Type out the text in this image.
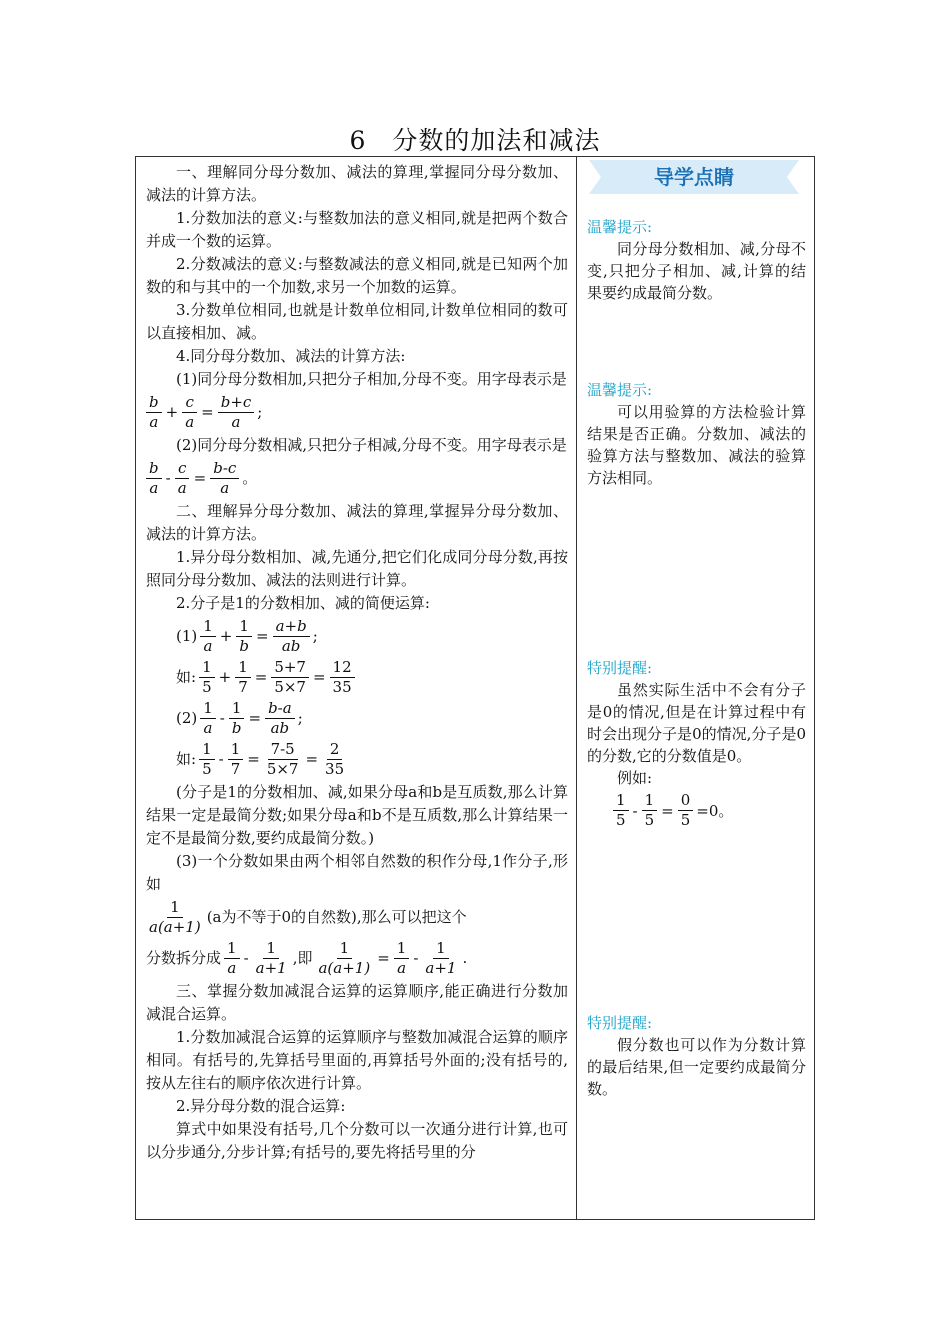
6　分数的加法和减法

一、理解同分母分数加、减法的算理,掌握同分母分数加、减法的计算方法。

1.分数加法的意义:与整数加法的意义相同,就是把两个数合并成一个数的运算。

2.分数减法的意义:与整数减法的意义相同,就是已知两个加数的和与其中的一个加数,求另一个加数的运算。

3.分数单位相同,也就是计数单位相同,计数单位相同的数可以直接相加、减。

4.同分母分数加、减法的计算方法:

(1)同分母分数相加,只把分子相加,分母不变。用字母表示是

$\frac{b}{a} + \frac{c}{a} = \frac{b+c}{a}$ ;

(2)同分母分数相减,只把分子相减,分母不变。用字母表示是

$\frac{b}{a} - \frac{c}{a} = \frac{b-c}{a}$ 。

二、理解异分母分数加、减法的算理,掌握异分母分数加、减法的计算方法。

1.异分母分数相加、减,先通分,把它们化成同分母分数,再按照同分母分数加、减法的法则进行计算。

2.分子是1的分数相加、减的简便运算:

$(1) \frac{1}{a} + \frac{1}{b} = \frac{a+b}{ab}$ ;
如: $\frac{1}{5} + \frac{1}{7} = \frac{5+7}{5\times 7} = \frac{12}{35}$
$(2) \frac{1}{a} - \frac{1}{b} = \frac{b-a}{ab}$ ;
如: $\frac{1}{5} - \frac{1}{7} = \frac{7-5}{5\times 7} = \frac{2}{35}$

(分子是1的分数相加、减,如果分母a和b是互质数,那么计算结果一定是最简分数;如果分母a和b不是互质数,那么计算结果一定不是最简分数,要约成最简分数。)

(3)一个分数如果由两个相邻自然数的积作分母,1作分子,形如

$\frac{1}{a(a+1)} (a$为不等于0的自然数),那么可以把这个
分数拆分成 $\frac{1}{a} - \frac{1}{a+1}$ ,即 $\frac{1}{a(a+1)} = \frac{1}{a} - \frac{1}{a+1}$ .

三、掌握分数加减混合运算的运算顺序,能正确进行分数加减混合运算。

1.分数加减混合运算的运算顺序与整数加减混合运算的顺序相同。有括号的,先算括号里面的,再算括号外面的;没有括号的,按从左往右的顺序依次进行计算。

2.异分母分数的混合运算:

算式中如果没有括号,几个分数可以一次通分进行计算,也可以分步通分,分步计算;有括号的,要先将括号里的分

导学点睛

温馨提示:

同分母分数相加、减,分母不变,只把分子相加、减,计算的结果要约成最简分数。

温馨提示:

可以用验算的方法检验计算结果是否正确。分数加、减法的验算方法与整数加、减法的验算方法相同。

特别提醒:

虽然实际生活中不会有分子是0的情况,但是在计算过程中有时会出现分子是0的情况,分子是0的分数,它的分数值是0。

例如:

$\frac{1}{5} - \frac{1}{5} = \frac{0}{5} =0$。

特别提醒:

假分数也可以作为分数计算的最后结果,但一定要约成最简分数。
